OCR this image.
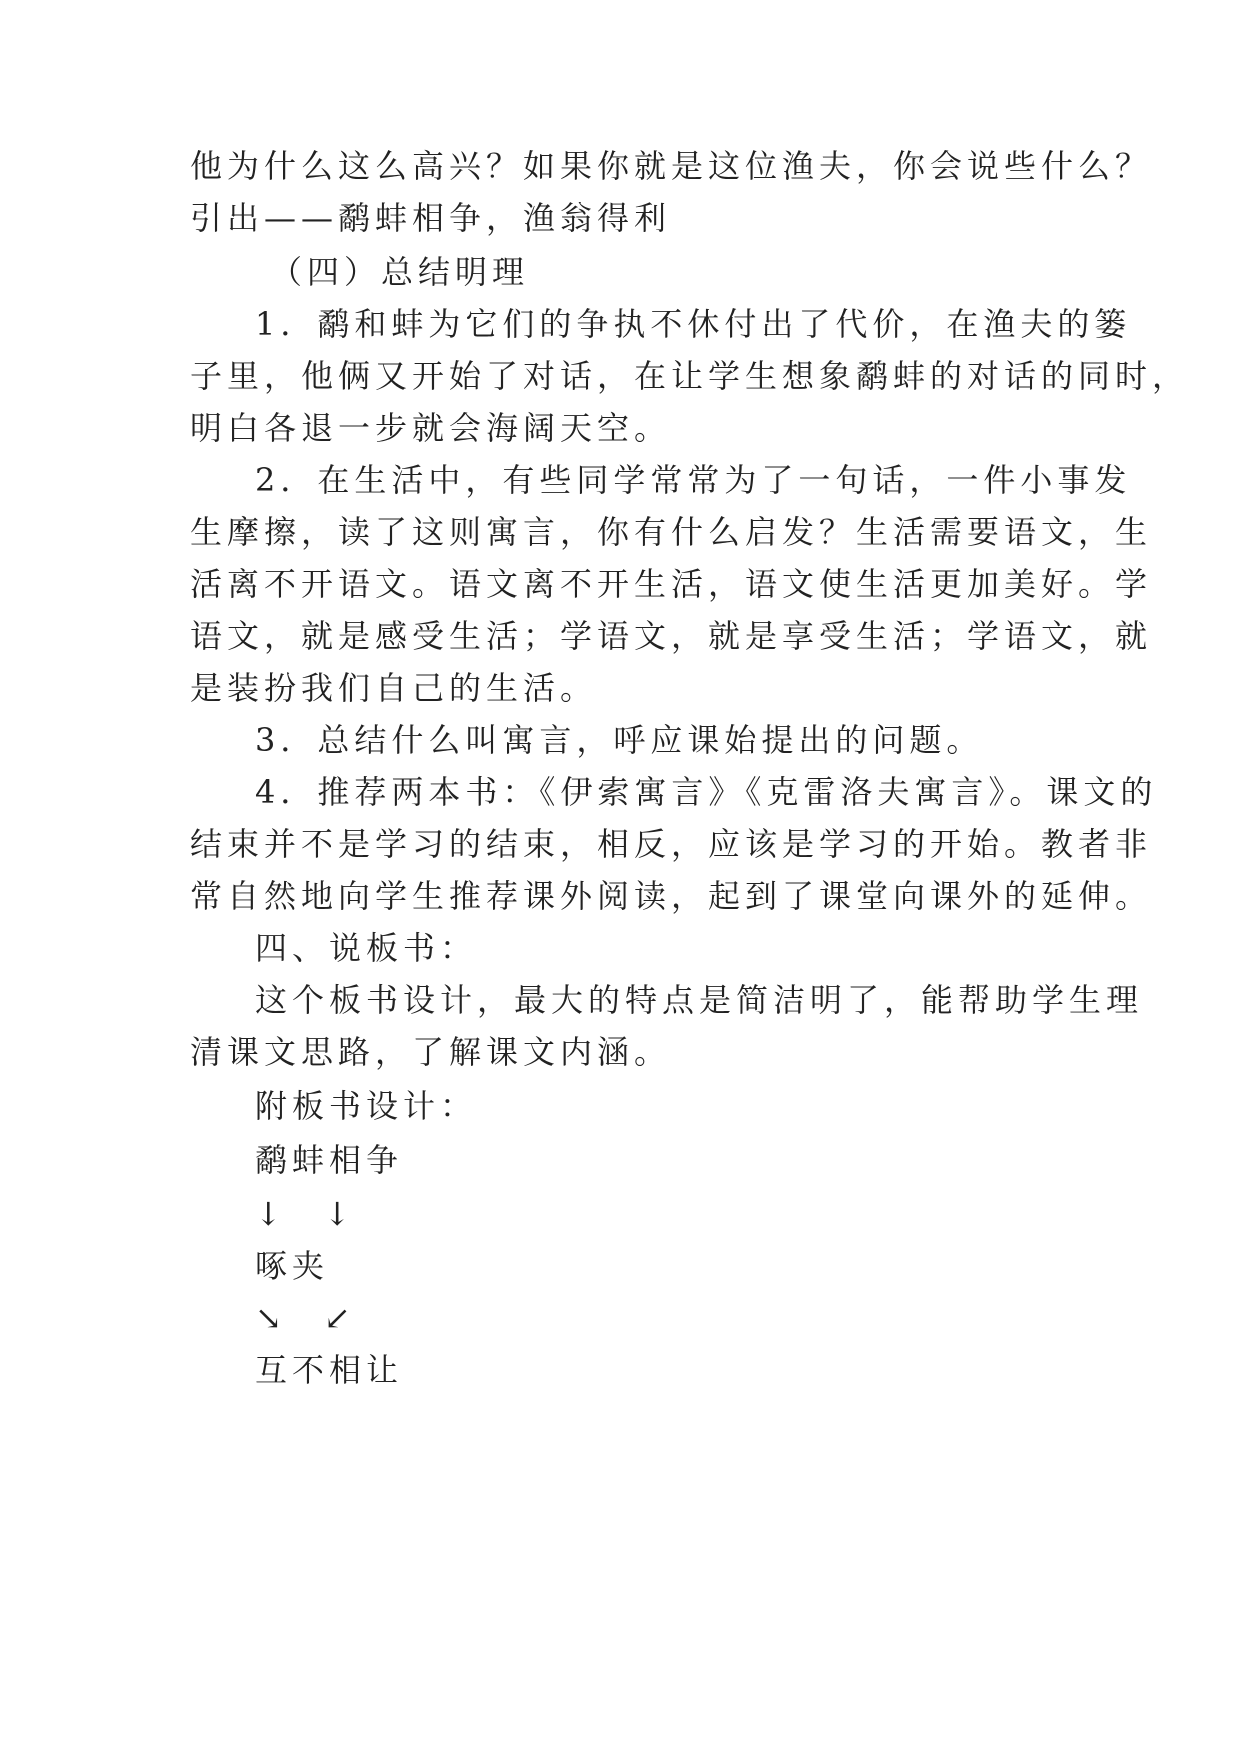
他为什么这么高兴？如果你就是这位渔夫，你会说些什么？
引出——鹬蚌相争，渔翁得利
（四）总结明理
1．鹬和蚌为它们的争执不休付出了代价，在渔夫的篓
子里，他俩又开始了对话，在让学生想象鹬蚌的对话的同时，
明白各退一步就会海阔天空。
2．在生活中，有些同学常常为了一句话，一件小事发
生摩擦，读了这则寓言，你有什么启发？生活需要语文，生
活离不开语文。语文离不开生活，语文使生活更加美好。学
语文，就是感受生活；学语文，就是享受生活；学语文，就
是装扮我们自己的生活。
3．总结什么叫寓言，呼应课始提出的问题。
4．推荐两本书：《伊索寓言》《克雷洛夫寓言》。课文的
结束并不是学习的结束，相反，应该是学习的开始。教者非
常自然地向学生推荐课外阅读，起到了课堂向课外的延伸。
四、说板书：
这个板书设计，最大的特点是简洁明了，能帮助学生理
清课文思路，了解课文内涵。
附板书设计：
鹬蚌相争
↓　↓
啄夹
↘　↙
互不相让
